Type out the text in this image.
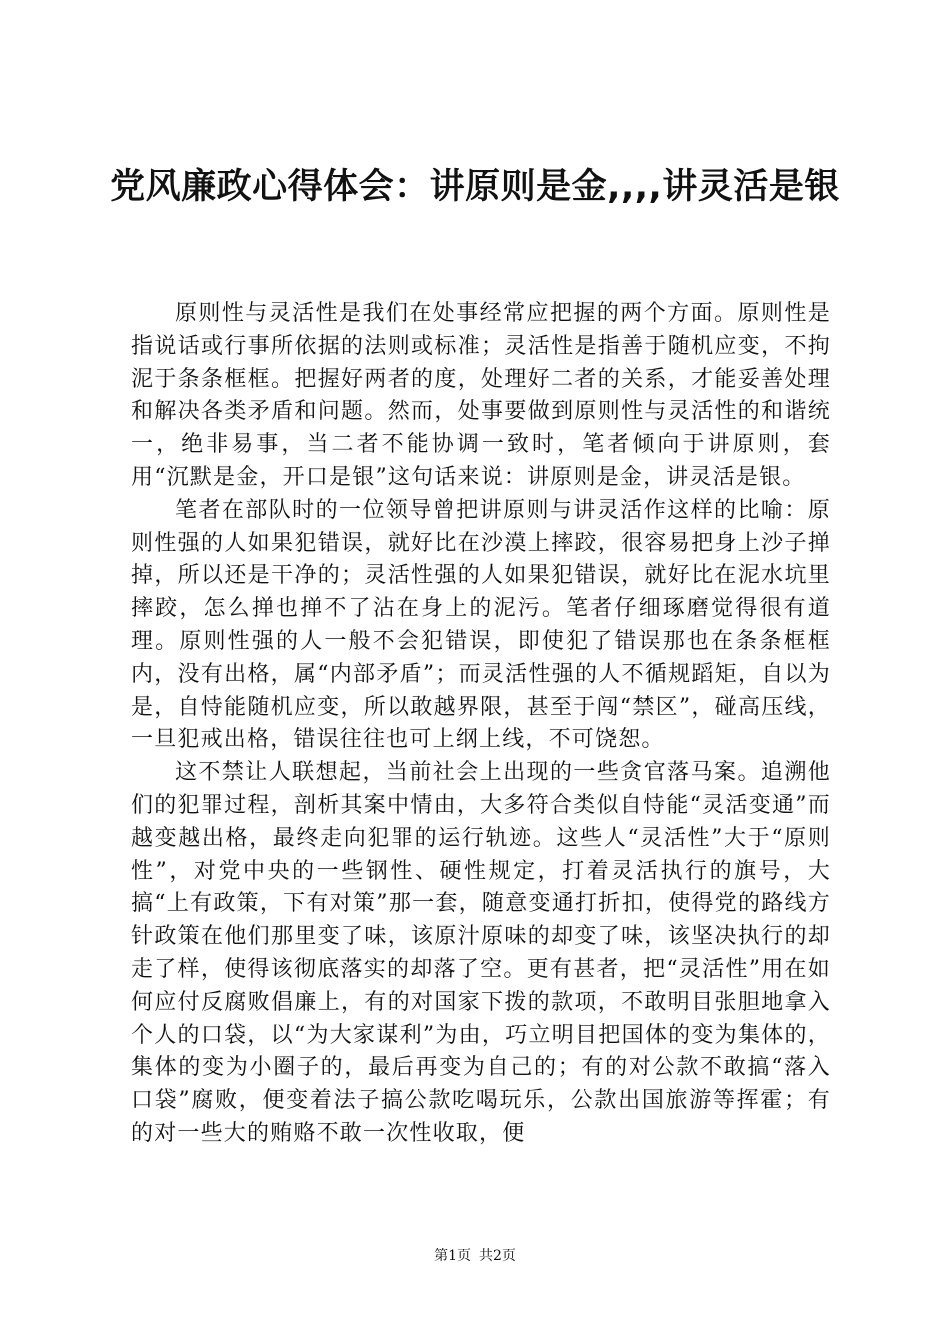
党风廉政心得体会：讲原则是金,,,,讲灵活是银

原则性与灵活性是我们在处事经常应把握的两个方面。原则性是指说话或行事所依据的法则或标准；灵活性是指善于随机应变，不拘泥于条条框框。把握好两者的度，处理好二者的关系，才能妥善处理和解决各类矛盾和问题。然而，处事要做到原则性与灵活性的和谐统一，绝非易事，当二者不能协调一致时，笔者倾向于讲原则，套用“沉默是金，开口是银”这句话来说：讲原则是金，讲灵活是银。

笔者在部队时的一位领导曾把讲原则与讲灵活作这样的比喻：原则性强的人如果犯错误，就好比在沙漠上摔跤，很容易把身上沙子掸掉，所以还是干净的；灵活性强的人如果犯错误，就好比在泥水坑里摔跤，怎么掸也掸不了沾在身上的泥污。笔者仔细琢磨觉得很有道理。原则性强的人一般不会犯错误，即使犯了错误那也在条条框框内，没有出格，属“内部矛盾”；而灵活性强的人不循规蹈矩，自以为是，自恃能随机应变，所以敢越界限，甚至于闯“禁区”，碰高压线，一旦犯戒出格，错误往往也可上纲上线，不可饶恕。

这不禁让人联想起，当前社会上出现的一些贪官落马案。追溯他们的犯罪过程，剖析其案中情由，大多符合类似自恃能“灵活变通”而越变越出格，最终走向犯罪的运行轨迹。这些人“灵活性”大于“原则性”，对党中央的一些钢性、硬性规定，打着灵活执行的旗号，大搞“上有政策，下有对策”那一套，随意变通打折扣，使得党的路线方针政策在他们那里变了味，该原汁原味的却变了味，该坚决执行的却走了样，使得该彻底落实的却落了空。更有甚者，把“灵活性”用在如何应付反腐败倡廉上，有的对国家下拨的款项，不敢明目张胆地拿入个人的口袋，以“为大家谋利”为由，巧立明目把国体的变为集体的，集体的变为小圈子的，最后再变为自己的；有的对公款不敢搞“落入口袋”腐败，便变着法子搞公款吃喝玩乐，公款出国旅游等挥霍；有的对一些大的贿赂不敢一次性收取，便

第1页 共2页
